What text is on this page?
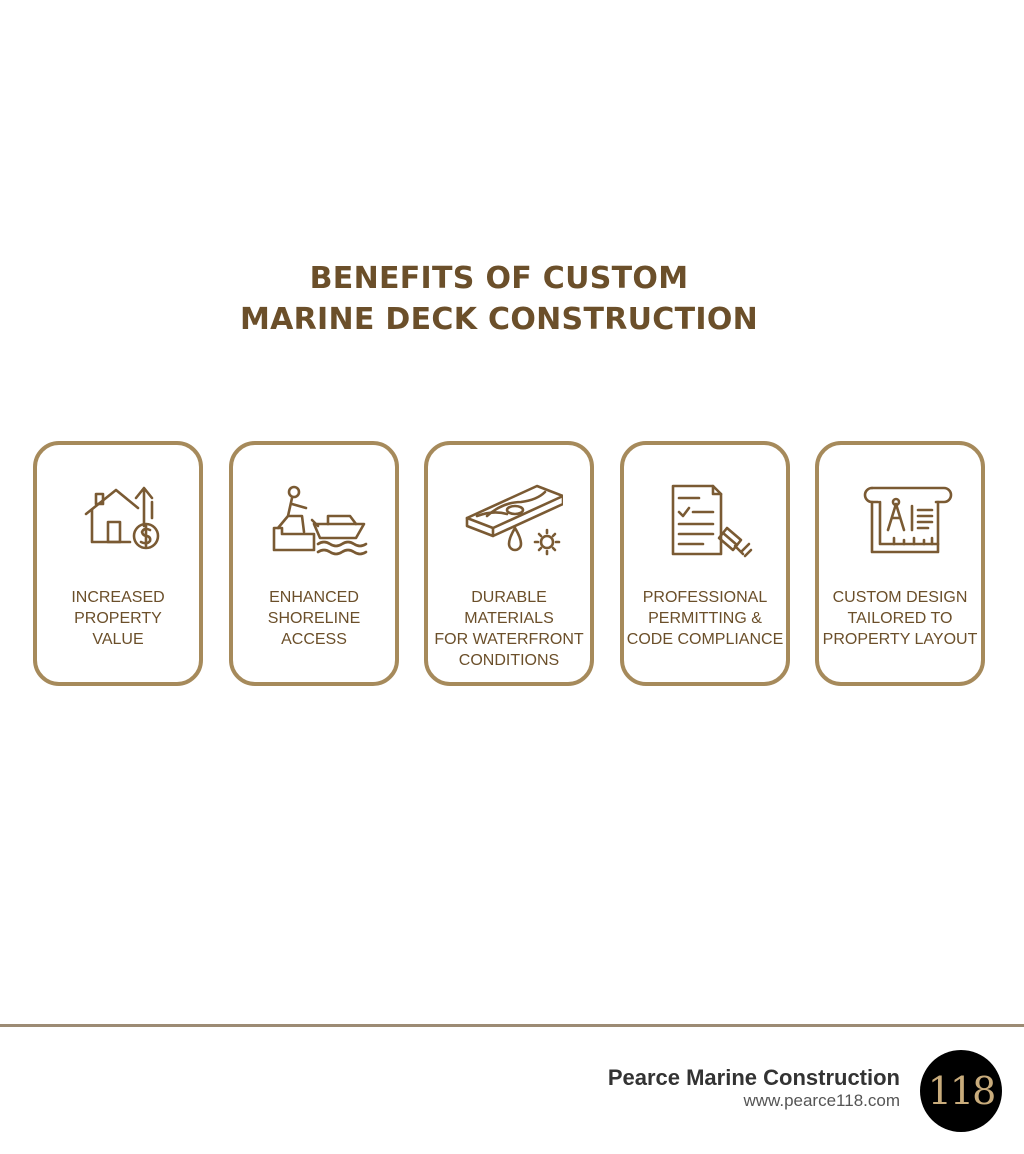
BENEFITS OF CUSTOM
MARINE DECK CONSTRUCTION
INCREASED
PROPERTY
VALUE
ENHANCED
SHORELINE
ACCESS
DURABLE MATERIALS
FOR WATERFRONT
CONDITIONS
PROFESSIONAL
PERMITTING &
CODE COMPLIANCE
CUSTOM DESIGN
TAILORED TO
PROPERTY LAYOUT
Pearce Marine Construction
www.pearce118.com 118
